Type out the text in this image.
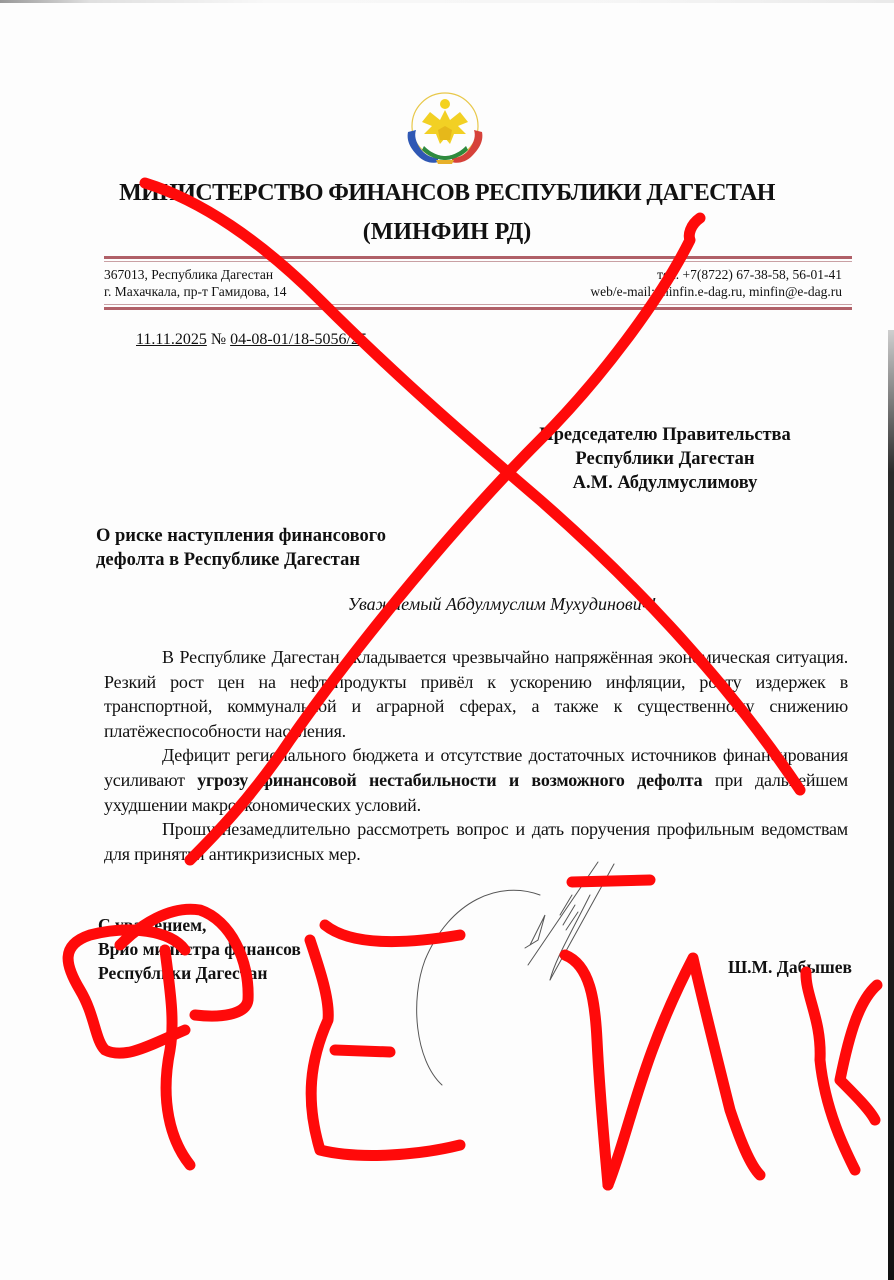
МИНИСТЕРСТВО ФИНАНСОВ РЕСПУБЛИКИ ДАГЕСТАН
(МИНФИН РД)
367013, Республика Дагестан
г. Махачкала, пр-т Гамидова, 14
тел. +7(8722) 67-38-58, 56-01-41
web/e-mail: minfin.e-dag.ru, minfin@e-dag.ru
11.11.2025 № 04-08-01/18-5056/25
Председателю Правительства
Республики Дагестан
А.М. Абдулмуслимову
О риске наступления финансового
дефолта в Республике Дагестан
Уважаемый Абдулмуслим Мухудинович!

В Республике Дагестан складывается чрезвычайно напряжённая экономическая ситуация. Резкий рост цен на нефтепродукты привёл к ускорению инфляции, росту издержек в транспортной, коммунальной и аграрной сферах, а также к существенному снижению платёжеспособности населения.

Дефицит регионального бюджета и отсутствие достаточных источников финансирования усиливают угрозу финансовой нестабильности и возможного дефолта при дальнейшем ухудшении макроэкономических условий.

Прошу незамедлительно рассмотреть вопрос и дать поручения профильным ведомствам для принятия антикризисных мер.

С уважением,
Врио министра финансов
Республики Дагестан	Ш.М. Дабышев
